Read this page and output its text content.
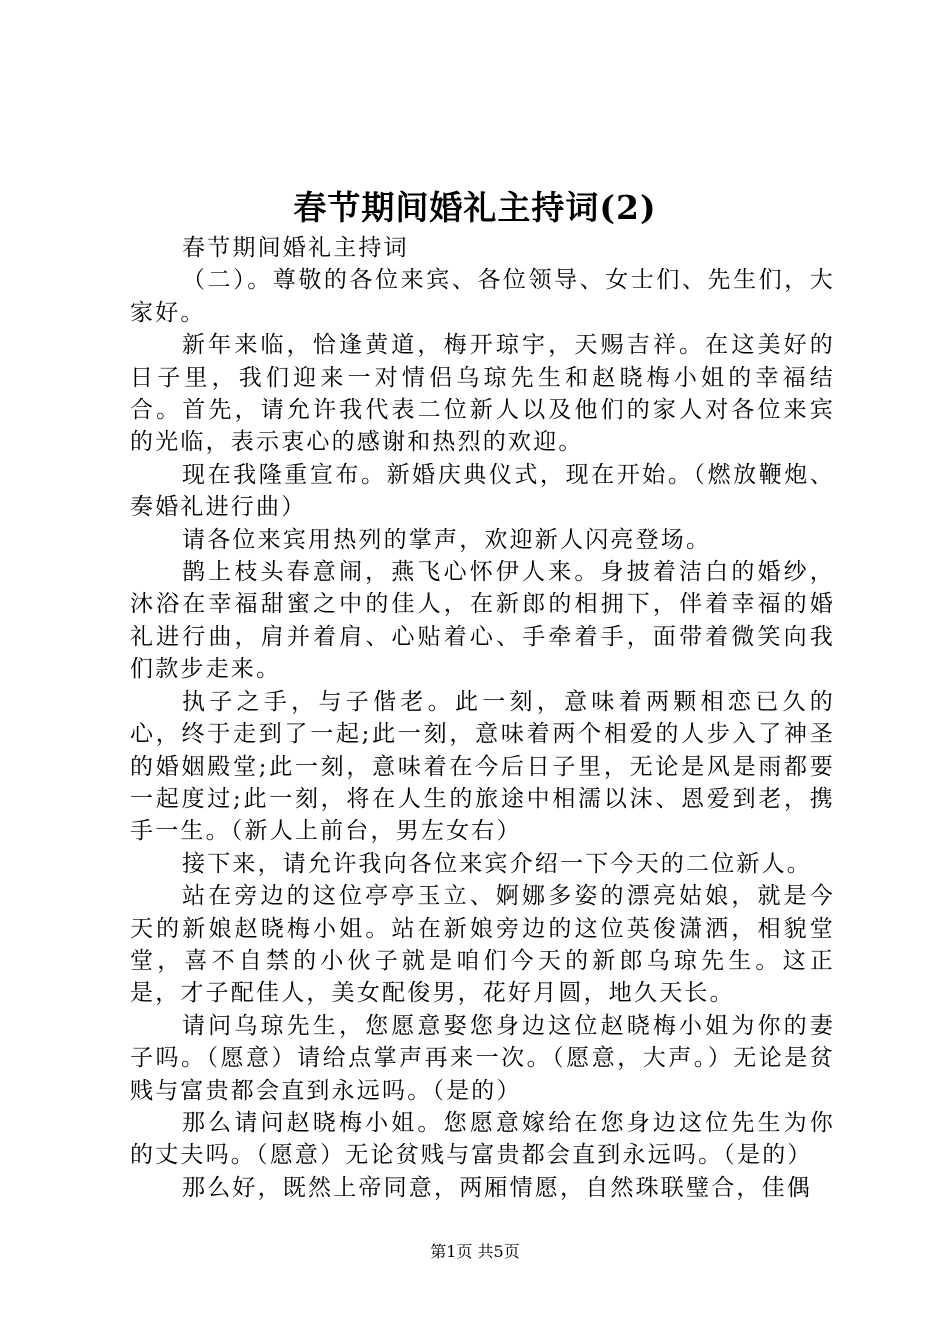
春节期间婚礼主持词(2)

春节期间婚礼主持词

（二）。尊敬的各位来宾、各位领导、女士们、先生们，大家好。

新年来临，恰逢黄道，梅开琼宇，天赐吉祥。在这美好的日子里，我们迎来一对情侣乌琼先生和赵晓梅小姐的幸福结合。首先，请允许我代表二位新人以及他们的家人对各位来宾的光临，表示衷心的感谢和热烈的欢迎。

现在我隆重宣布。新婚庆典仪式，现在开始。（燃放鞭炮、奏婚礼进行曲）

请各位来宾用热列的掌声，欢迎新人闪亮登场。

鹊上枝头春意闹，燕飞心怀伊人来。身披着洁白的婚纱，沐浴在幸福甜蜜之中的佳人，在新郎的相拥下，伴着幸福的婚礼进行曲，肩并着肩、心贴着心、手牵着手，面带着微笑向我们款步走来。

执子之手，与子偕老。此一刻，意味着两颗相恋已久的心，终于走到了一起;此一刻，意味着两个相爱的人步入了神圣的婚姻殿堂;此一刻，意味着在今后日子里，无论是风是雨都要一起度过;此一刻，将在人生的旅途中相濡以沫、恩爱到老，携手一生。（新人上前台，男左女右）

接下来，请允许我向各位来宾介绍一下今天的二位新人。

站在旁边的这位亭亭玉立、婀娜多姿的漂亮姑娘，就是今天的新娘赵晓梅小姐。站在新娘旁边的这位英俊潇洒，相貌堂堂，喜不自禁的小伙子就是咱们今天的新郎乌琼先生。这正是，才子配佳人，美女配俊男，花好月圆，地久天长。

请问乌琼先生，您愿意娶您身边这位赵晓梅小姐为你的妻子吗。（愿意）请给点掌声再来一次。（愿意，大声。）无论是贫贱与富贵都会直到永远吗。（是的）

那么请问赵晓梅小姐。您愿意嫁给在您身边这位先生为你的丈夫吗。（愿意）无论贫贱与富贵都会直到永远吗。（是的）

那么好，既然上帝同意，两厢情愿，自然珠联璧合，佳偶

第1页 共5页
